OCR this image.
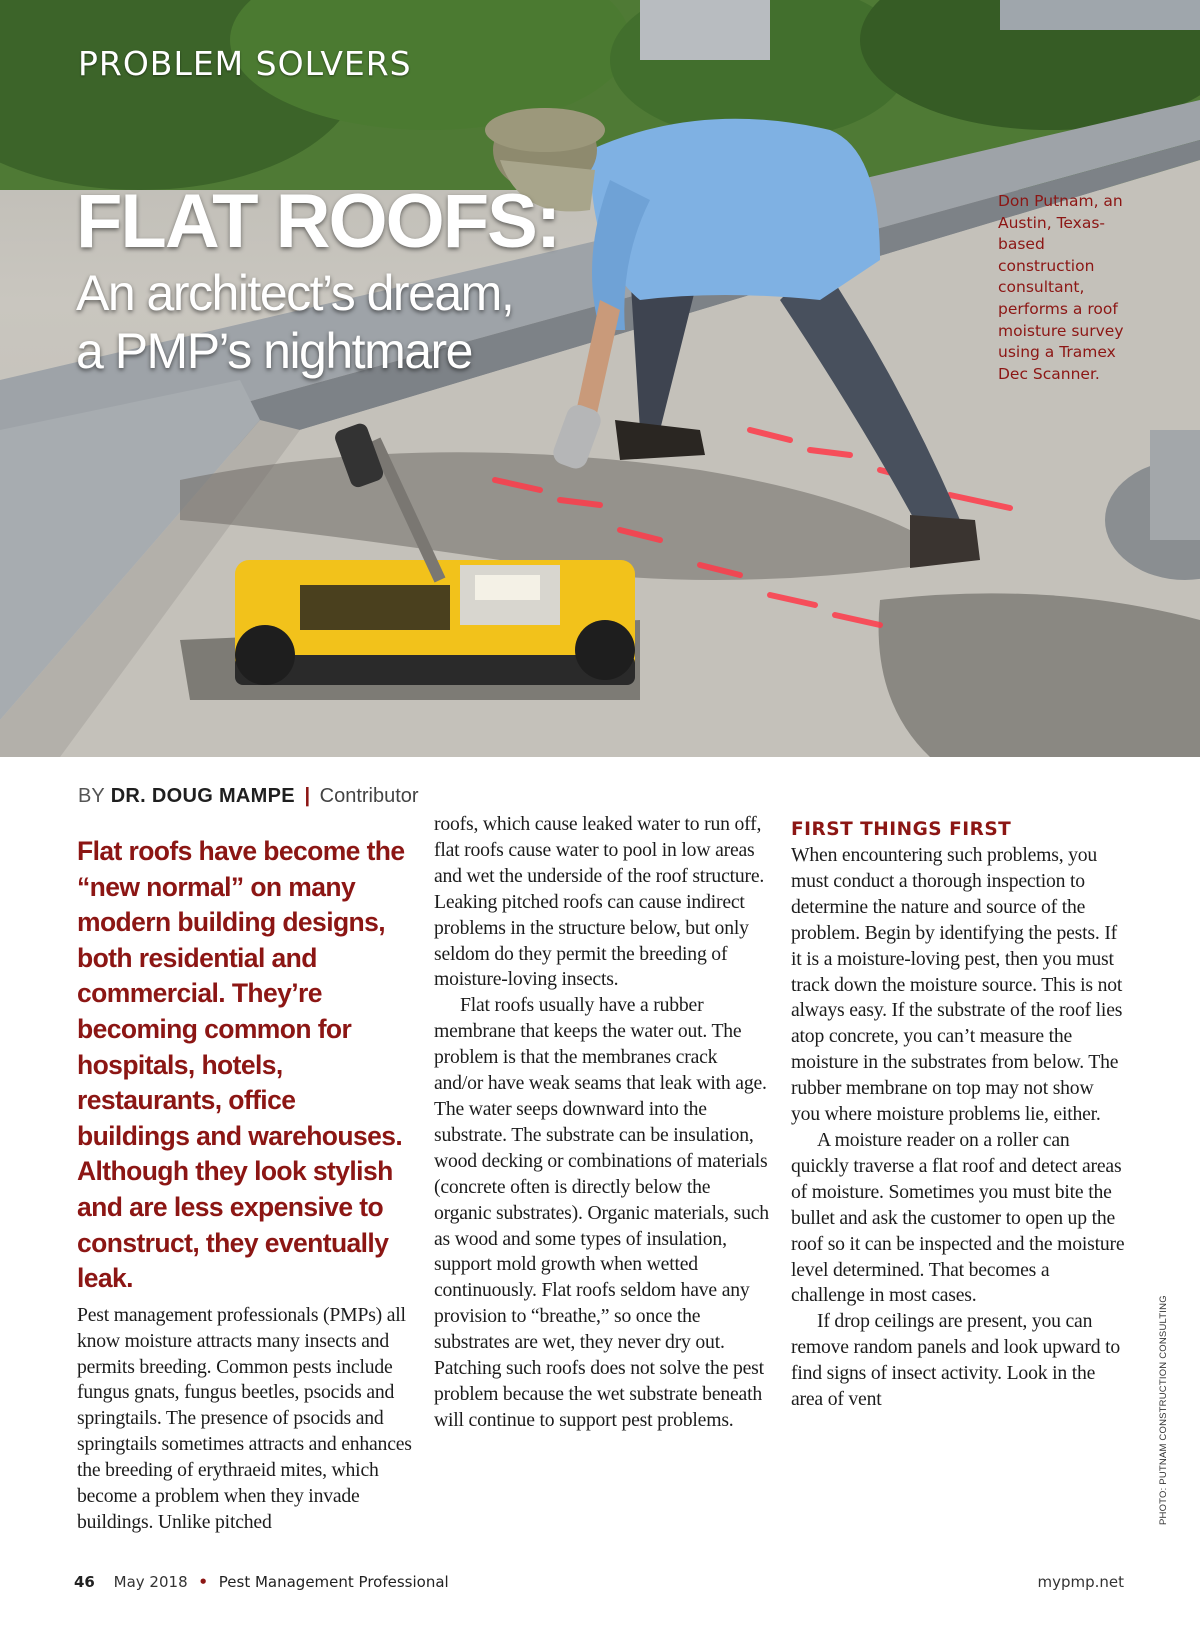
PROBLEM SOLVERS
FLAT ROOFS:
An architect’s dream,
a PMP’s nightmare
Don Putnam, an Austin, Texas-based construction consultant, performs a roof moisture survey using a Tramex Dec Scanner.
BY DR. DOUG MAMPE | Contributor
Flat roofs have become the “new normal” on many modern building designs, both residential and commercial. They’re becoming common for hospitals, hotels, restaurants, office buildings and warehouses. Although they look stylish and are less expensive to construct, they eventually leak.

Pest management professionals (PMPs) all know moisture attracts many insects and permits breeding. Common pests include fungus gnats, fungus beetles, psocids and springtails. The presence of psocids and springtails sometimes attracts and enhances the breeding of erythraeid mites, which become a problem when they invade buildings. Unlike pitched

roofs, which cause leaked water to run off, flat roofs cause water to pool in low areas and wet the underside of the roof structure. Leaking pitched roofs can cause indirect problems in the structure below, but only seldom do they permit the breeding of moisture-loving insects.

Flat roofs usually have a rubber membrane that keeps the water out. The problem is that the membranes crack and/or have weak seams that leak with age. The water seeps downward into the substrate. The substrate can be insulation, wood decking or combinations of materials (concrete often is directly below the organic substrates). Organic materials, such as wood and some types of insulation, support mold growth when wetted continuously. Flat roofs seldom have any provision to “breathe,” so once the substrates are wet, they never dry out. Patching such roofs does not solve the pest problem because the wet substrate beneath will continue to support pest problems.

FIRST THINGS FIRST

When encountering such problems, you must conduct a thorough inspection to determine the nature and source of the problem. Begin by identifying the pests. If it is a moisture-loving pest, then you must track down the moisture source. This is not always easy. If the substrate of the roof lies atop concrete, you can’t measure the moisture in the substrates from below. The rubber membrane on top may not show you where moisture problems lie, either.

A moisture reader on a roller can quickly traverse a flat roof and detect areas of moisture. Sometimes you must bite the bullet and ask the customer to open up the roof so it can be inspected and the moisture level determined. That becomes a challenge in most cases.

If drop ceilings are present, you can remove random panels and look upward to find signs of insect activity. Look in the area of vent	PHOTO: PUTNAM CONSTRUCTION CONSULTING
46 May 2018 • Pest Management Professional	mypmp.net
